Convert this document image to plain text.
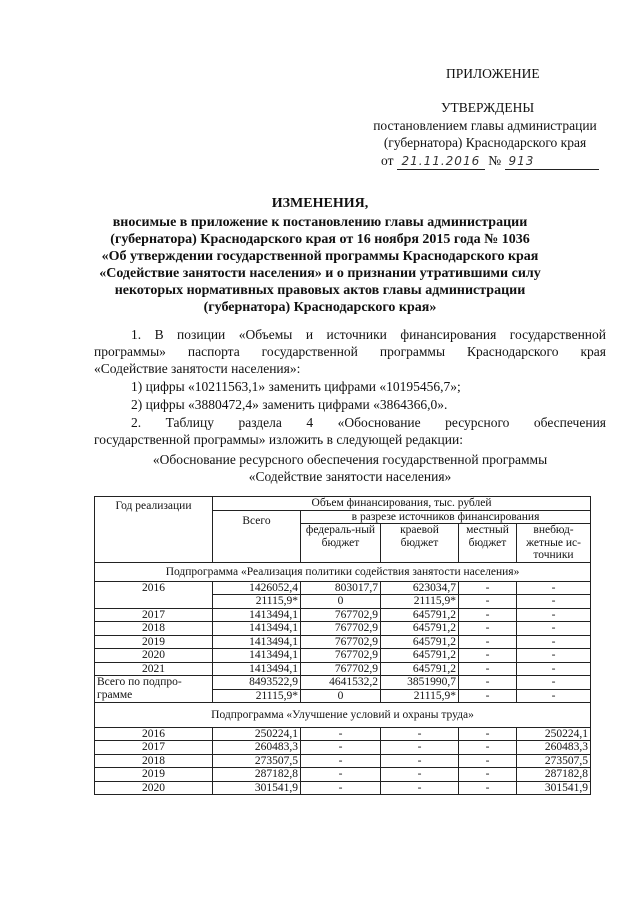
ПРИЛОЖЕНИЕ
УТВЕРЖДЕНЫ
постановлением главы администрации
(губернатора) Краснодарского края
от 21.11.2016 № 913
ИЗМЕНЕНИЯ,
вносимые в приложение к постановлению главы администрации
(губернатора) Краснодарского края от 16 ноября 2015 года № 1036
«Об утверждении государственной программы Краснодарского края
«Содействие занятости населения» и о признании утратившими силу
некоторых нормативных правовых актов главы администрации
(губернатора) Краснодарского края»
1. В позиции «Объемы и источники финансирования государственной
программы» паспорта государственной программы Краснодарского края
«Содействие занятости населения»:
1) цифры «10211563,1» заменить цифрами «10195456,7»;
2) цифры «3880472,4» заменить цифрами «3864366,0».
2. Таблицу раздела 4 «Обоснование ресурсного обеспечения
государственной программы» изложить в следующей редакции:
«Обоснование ресурсного обеспечения государственной программы
«Содействие занятости населения»
Год реализации	Объем финансирования, тыс. рублей				
	Всего	в разрезе источников финансирования			
		федераль-ный бюджет	краевой бюджет	местный бюджет	внебюд-жетные ис-точники
Подпрограмма «Реализация политики содействия занятости населения»					
2016	1426052,4	803017,7	623034,7	-	-
	21115,9*	0	21115,9*	-	-
2017	1413494,1	767702,9	645791,2	-	-
2018	1413494,1	767702,9	645791,2	-	-
2019	1413494,1	767702,9	645791,2	-	-
2020	1413494,1	767702,9	645791,2	-	-
2021	1413494,1	767702,9	645791,2	-	-
Всего по подпро-грамме	8493522,9	4641532,2	3851990,7	-	-
	21115,9*	0	21115,9*	-	-
Подпрограмма «Улучшение условий и охраны труда»					
2016	250224,1	-	-	-	250224,1
2017	260483,3	-	-	-	260483,3
2018	273507,5	-	-	-	273507,5
2019	287182,8	-	-	-	287182,8
2020	301541,9	-	-	-	301541,9
